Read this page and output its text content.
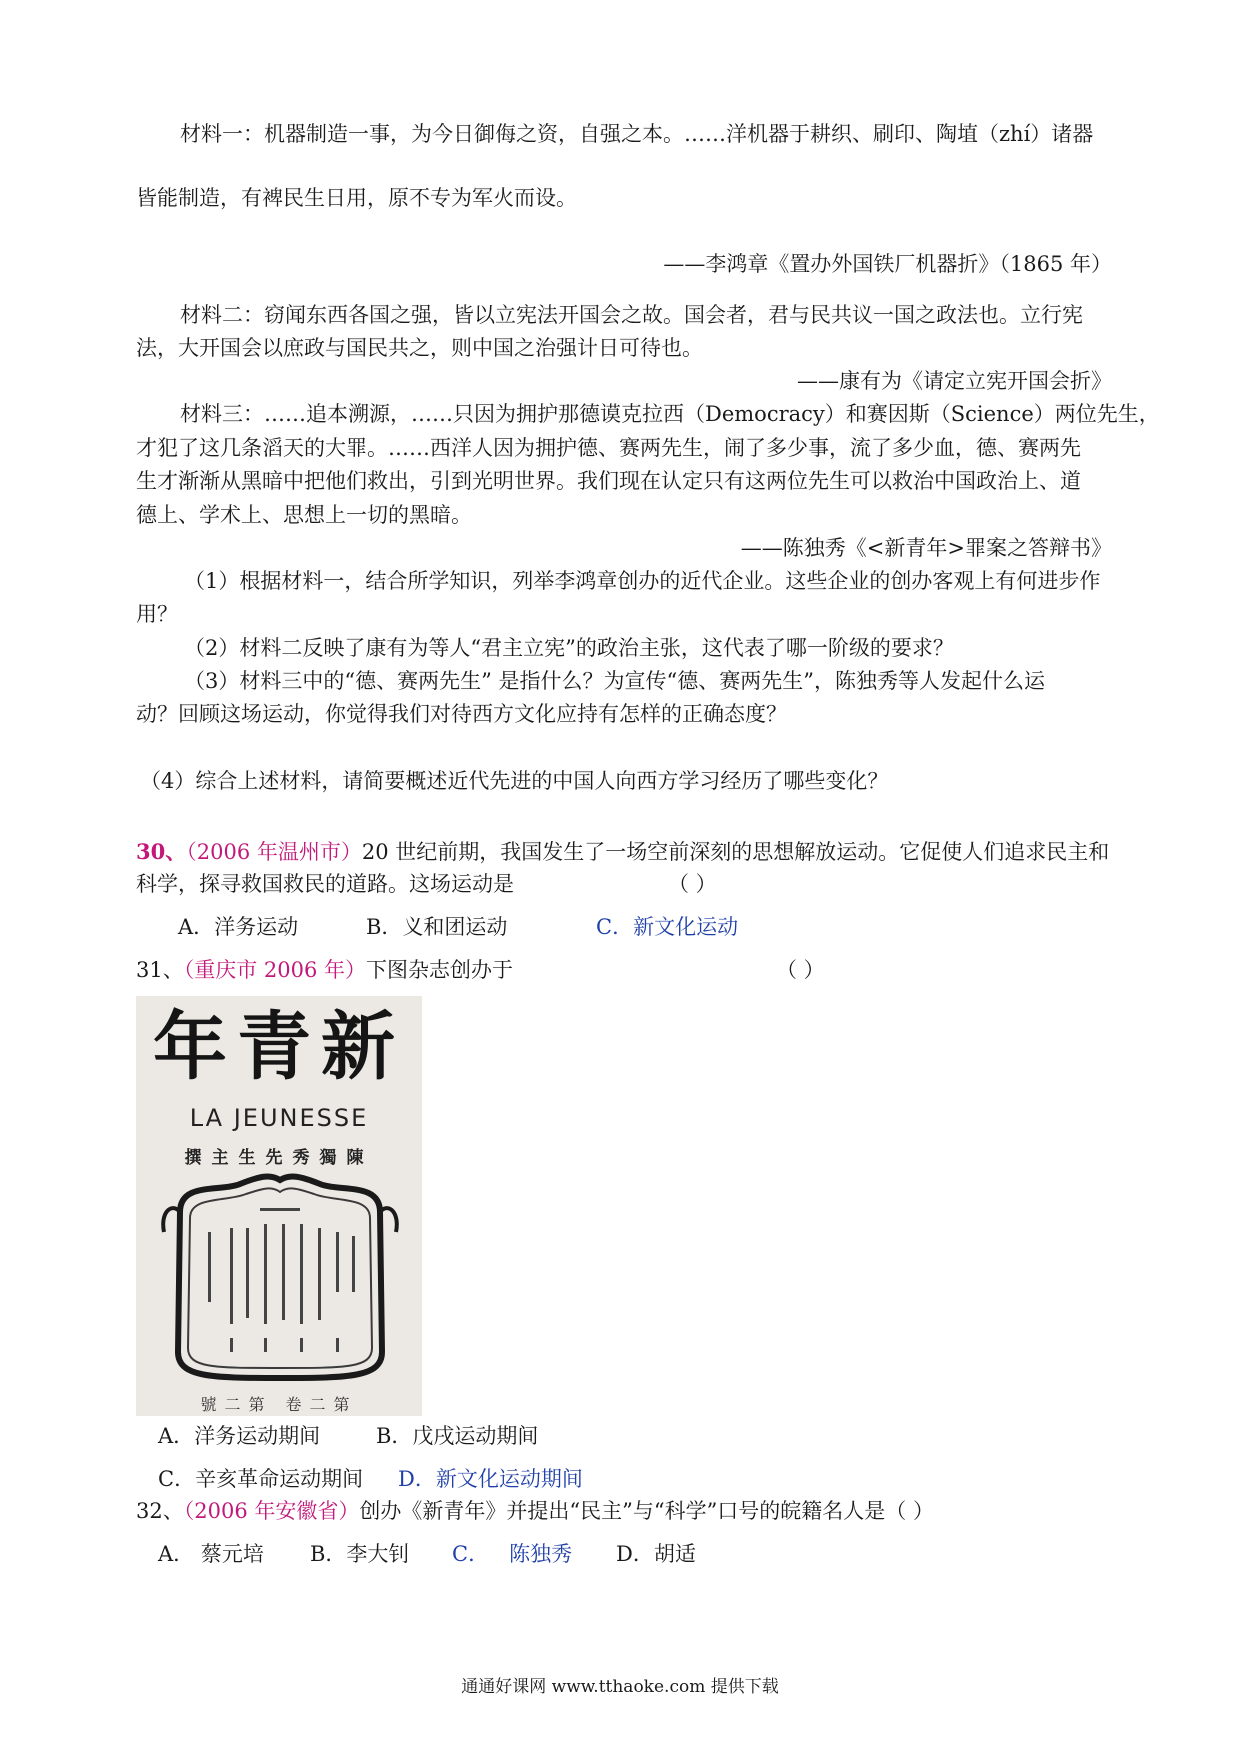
材料一：机器制造一事，为今日御侮之资，自强之本。……洋机器于耕织、刷印、陶埴（zhí）诸器
皆能制造，有裨民生日用，原不专为军火而设。
——李鸿章《置办外国铁厂机器折》（1865 年）
材料二：窃闻东西各国之强，皆以立宪法开国会之故。国会者，君与民共议一国之政法也。立行宪
法，大开国会以庶政与国民共之，则中国之治强计日可待也。
——康有为《请定立宪开国会折》
材料三：……追本溯源，……只因为拥护那德谟克拉西（Democracy）和赛因斯（Science）两位先生，
才犯了这几条滔天的大罪。……西洋人因为拥护德、赛两先生，闹了多少事，流了多少血，德、赛两先
生才渐渐从黑暗中把他们救出，引到光明世界。我们现在认定只有这两位先生可以救治中国政治上、道
德上、学术上、思想上一切的黑暗。
——陈独秀《<新青年>罪案之答辩书》
（1）根据材料一，结合所学知识，列举李鸿章创办的近代企业。这些企业的创办客观上有何进步作
用？
（2）材料二反映了康有为等人“君主立宪”的政治主张，这代表了哪一阶级的要求？
（3）材料三中的“德、赛两先生” 是指什么？为宣传“德、赛两先生”，陈独秀等人发起什么运
动？回顾这场运动，你觉得我们对待西方文化应持有怎样的正确态度？
（4）综合上述材料，请简要概述近代先进的中国人向西方学习经历了哪些变化？
30、（2006 年温州市）20 世纪前期，我国发生了一场空前深刻的思想解放运动。它促使人们追求民主和
科学，探寻救国救民的道路。这场运动是	（ ）
A．洋务运动	B．义和团运动	C．新文化运动
31、（重庆市 2006 年）下图杂志创办于	（ ）
年青新
LA JEUNESSE
撰主生先秀獨陳
號二第 卷二第
A．洋务运动期间	B．戊戌运动期间
C．辛亥革命运动期间 D．新文化运动期间
32、（2006 年安徽省）创办《新青年》并提出“民主”与“科学”口号的皖籍名人是（ ）
A． 蔡元培 B．李大钊 C． 陈独秀 D．胡适
通通好课网 www.tthaoke.com 提供下载
